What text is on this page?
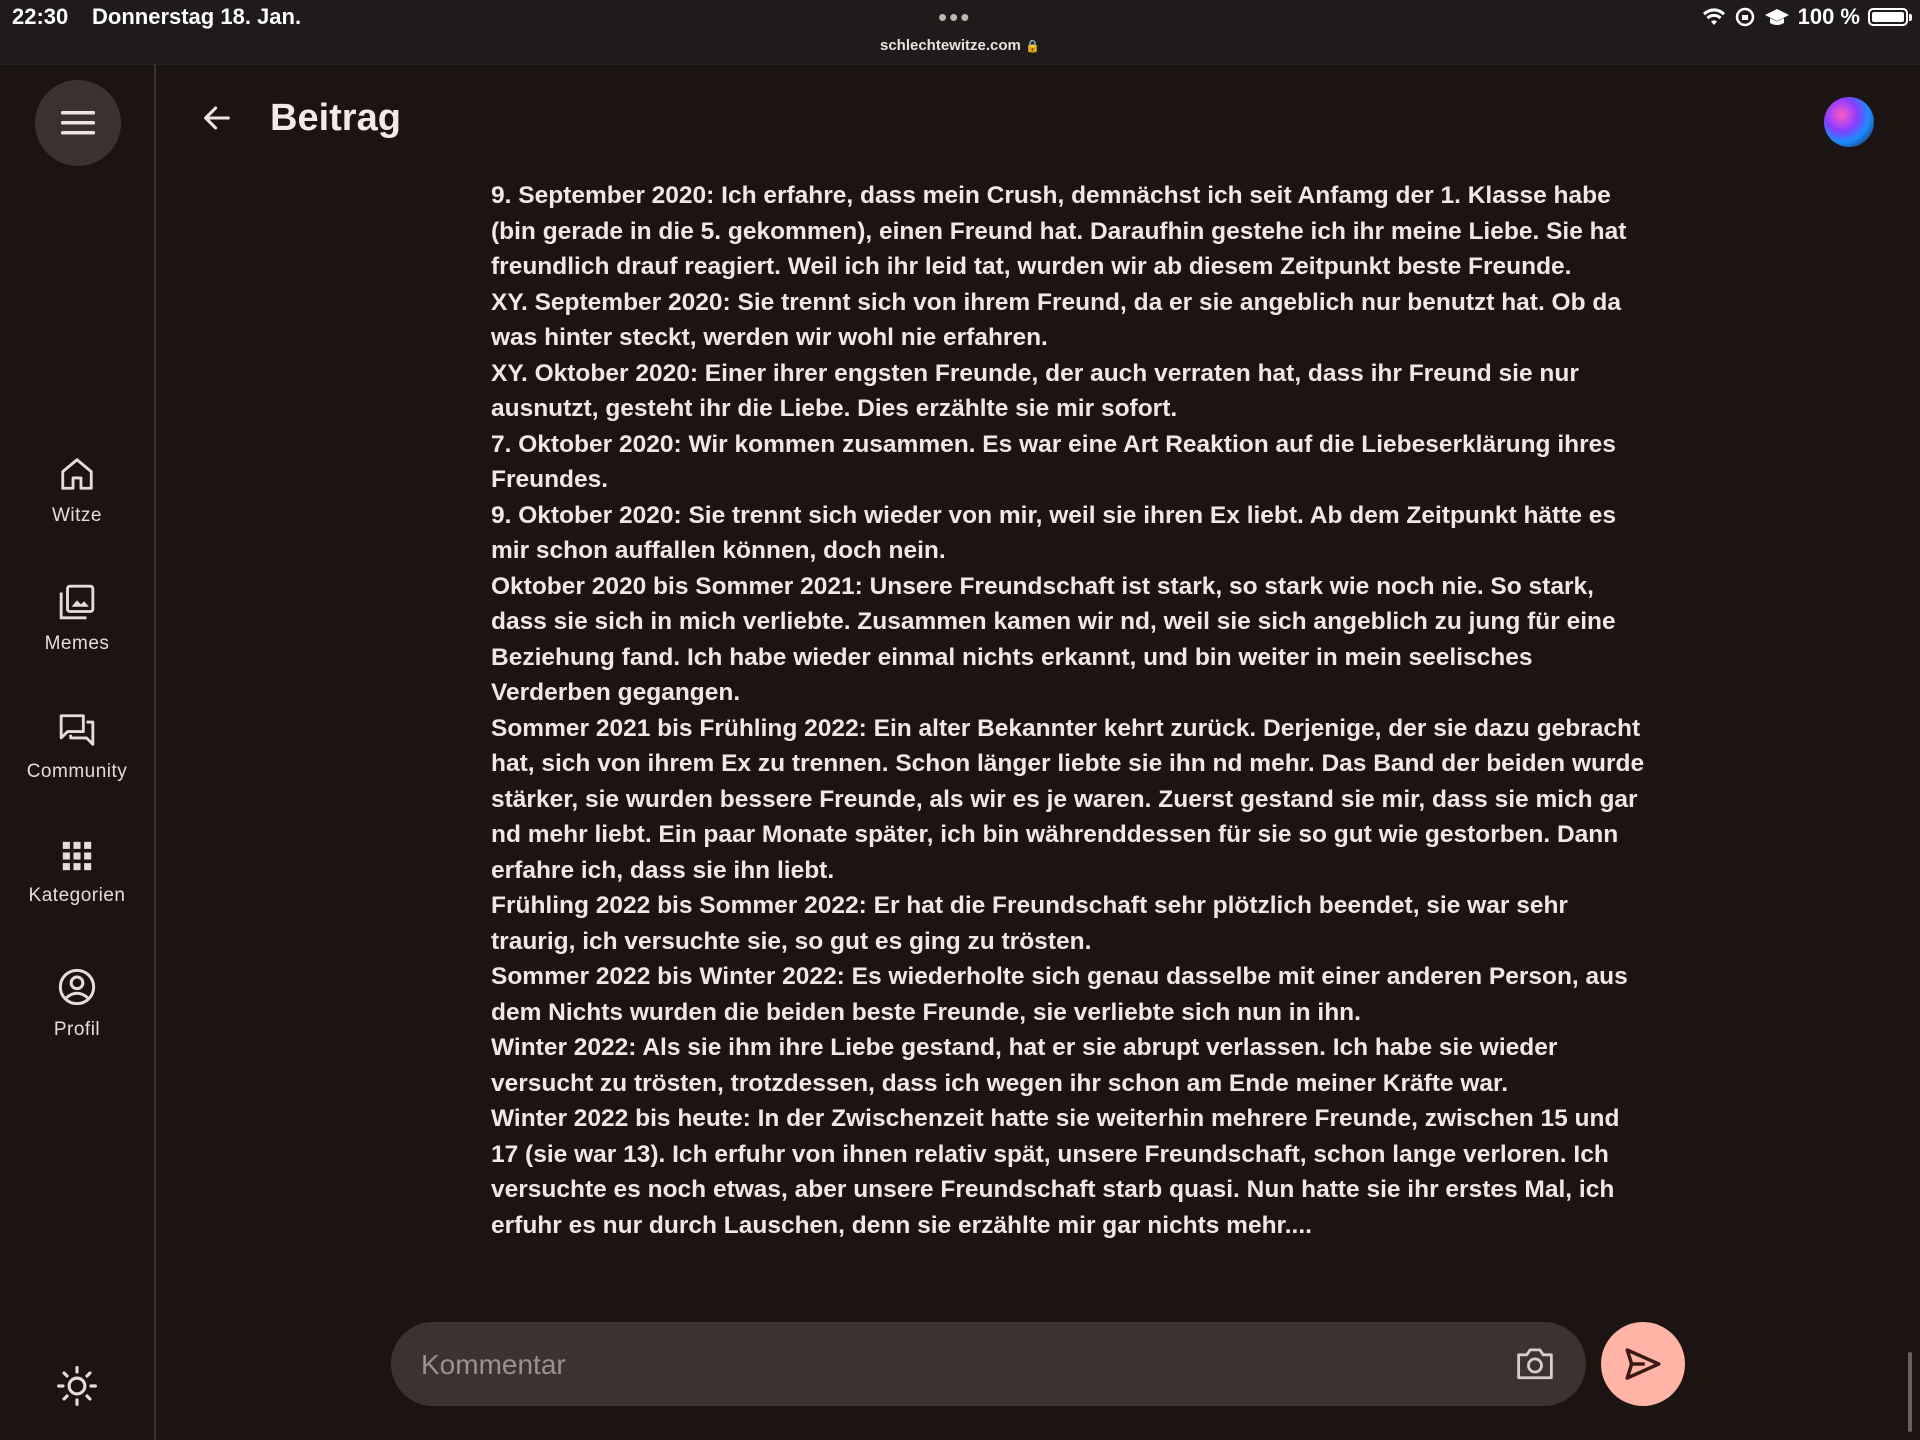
22:30 Donnerstag 18. Jan.	•••
schlechtewitze.com 🔒
100 %
Witze
Memes
Community
Kategorien
Profil
Beitrag

9. September 2020: Ich erfahre, dass mein Crush, demnächst ich seit Anfamg der 1. Klasse habe (bin gerade in die 5. gekommen), einen Freund hat. Daraufhin gestehe ich ihr meine Liebe. Sie hat freundlich drauf reagiert. Weil ich ihr leid tat, wurden wir ab diesem Zeitpunkt beste Freunde.

XY. September 2020: Sie trennt sich von ihrem Freund, da er sie angeblich nur benutzt hat. Ob da was hinter steckt, werden wir wohl nie erfahren.

XY. Oktober 2020: Einer ihrer engsten Freunde, der auch verraten hat, dass ihr Freund sie nur ausnutzt, gesteht ihr die Liebe. Dies erzählte sie mir sofort.

7. Oktober 2020: Wir kommen zusammen. Es war eine Art Reaktion auf die Liebeserklärung ihres Freundes.

9. Oktober 2020: Sie trennt sich wieder von mir, weil sie ihren Ex liebt. Ab dem Zeitpunkt hätte es mir schon auffallen können, doch nein.

Oktober 2020 bis Sommer 2021: Unsere Freundschaft ist stark, so stark wie noch nie. So stark, dass sie sich in mich verliebte. Zusammen kamen wir nd, weil sie sich angeblich zu jung für eine Beziehung fand. Ich habe wieder einmal nichts erkannt, und bin weiter in mein seelisches Verderben gegangen.

Sommer 2021 bis Frühling 2022: Ein alter Bekannter kehrt zurück. Derjenige, der sie dazu gebracht hat, sich von ihrem Ex zu trennen. Schon länger liebte sie ihn nd mehr. Das Band der beiden wurde stärker, sie wurden bessere Freunde, als wir es je waren. Zuerst gestand sie mir, dass sie mich gar nd mehr liebt. Ein paar Monate später, ich bin währenddessen für sie so gut wie gestorben. Dann erfahre ich, dass sie ihn liebt.

Frühling 2022 bis Sommer 2022: Er hat die Freundschaft sehr plötzlich beendet, sie war sehr traurig, ich versuchte sie, so gut es ging zu trösten.

Sommer 2022 bis Winter 2022: Es wiederholte sich genau dasselbe mit einer anderen Person, aus dem Nichts wurden die beiden beste Freunde, sie verliebte sich nun in ihn.

Winter 2022: Als sie ihm ihre Liebe gestand, hat er sie abrupt verlassen. Ich habe sie wieder versucht zu trösten, trotzdessen, dass ich wegen ihr schon am Ende meiner Kräfte war.

Winter 2022 bis heute: In der Zwischenzeit hatte sie weiterhin mehrere Freunde, zwischen 15 und 17 (sie war 13). Ich erfuhr von ihnen relativ spät, unsere Freundschaft, schon lange verloren. Ich versuchte es noch etwas, aber unsere Freundschaft starb quasi. Nun hatte sie ihr erstes Mal, ich erfuhr es nur durch Lauschen, denn sie erzählte mir gar nichts mehr....

Kommentar
